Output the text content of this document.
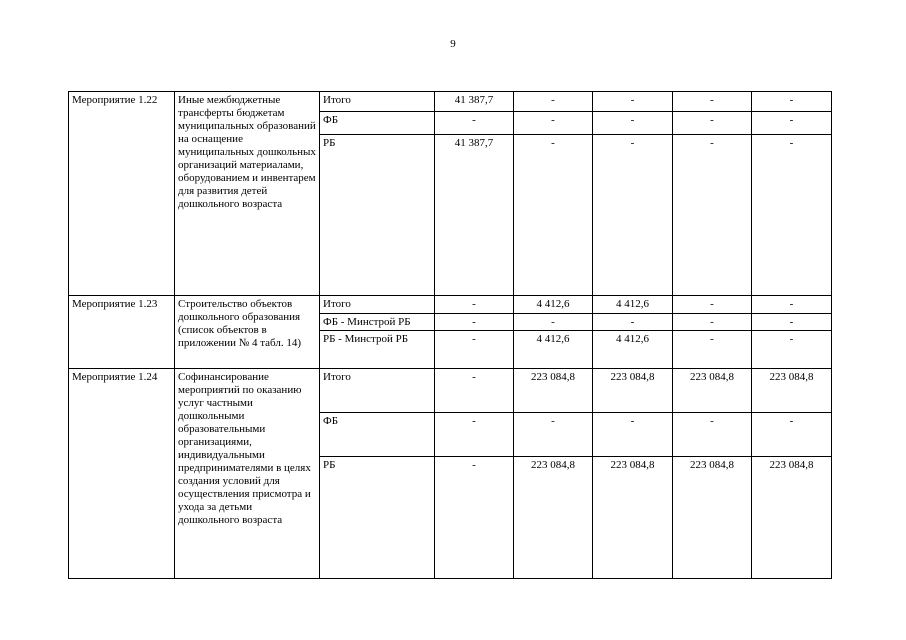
9
Мероприятие 1.22	Иные межбюджетные трансферты бюджетам муниципальных образований на оснащение муниципальных дошкольных организаций материалами, оборудованием и инвентарем для развития детей дошкольного возраста	Итого	41 387,7	-	-	-	-
		ФБ	-	-	-	-	-
		РБ	41 387,7	-	-	-	-
Мероприятие 1.23	Строительство объектов дошкольного образования (список объектов в приложении № 4 табл. 14)	Итого	-	4 412,6	4 412,6	-	-
		ФБ - Минстрой РБ	-	-	-	-	-
		РБ - Минстрой РБ	-	4 412,6	4 412,6	-	-
Мероприятие 1.24	Софинансирование мероприятий по оказанию услуг частными дошкольными образовательными организациями, индивидуальными предпринимателями в целях создания условий для осуществления присмотра и ухода за детьми дошкольного возраста	Итого	-	223 084,8	223 084,8	223 084,8	223 084,8
		ФБ	-	-	-	-	-
		РБ	-	223 084,8	223 084,8	223 084,8	223 084,8
